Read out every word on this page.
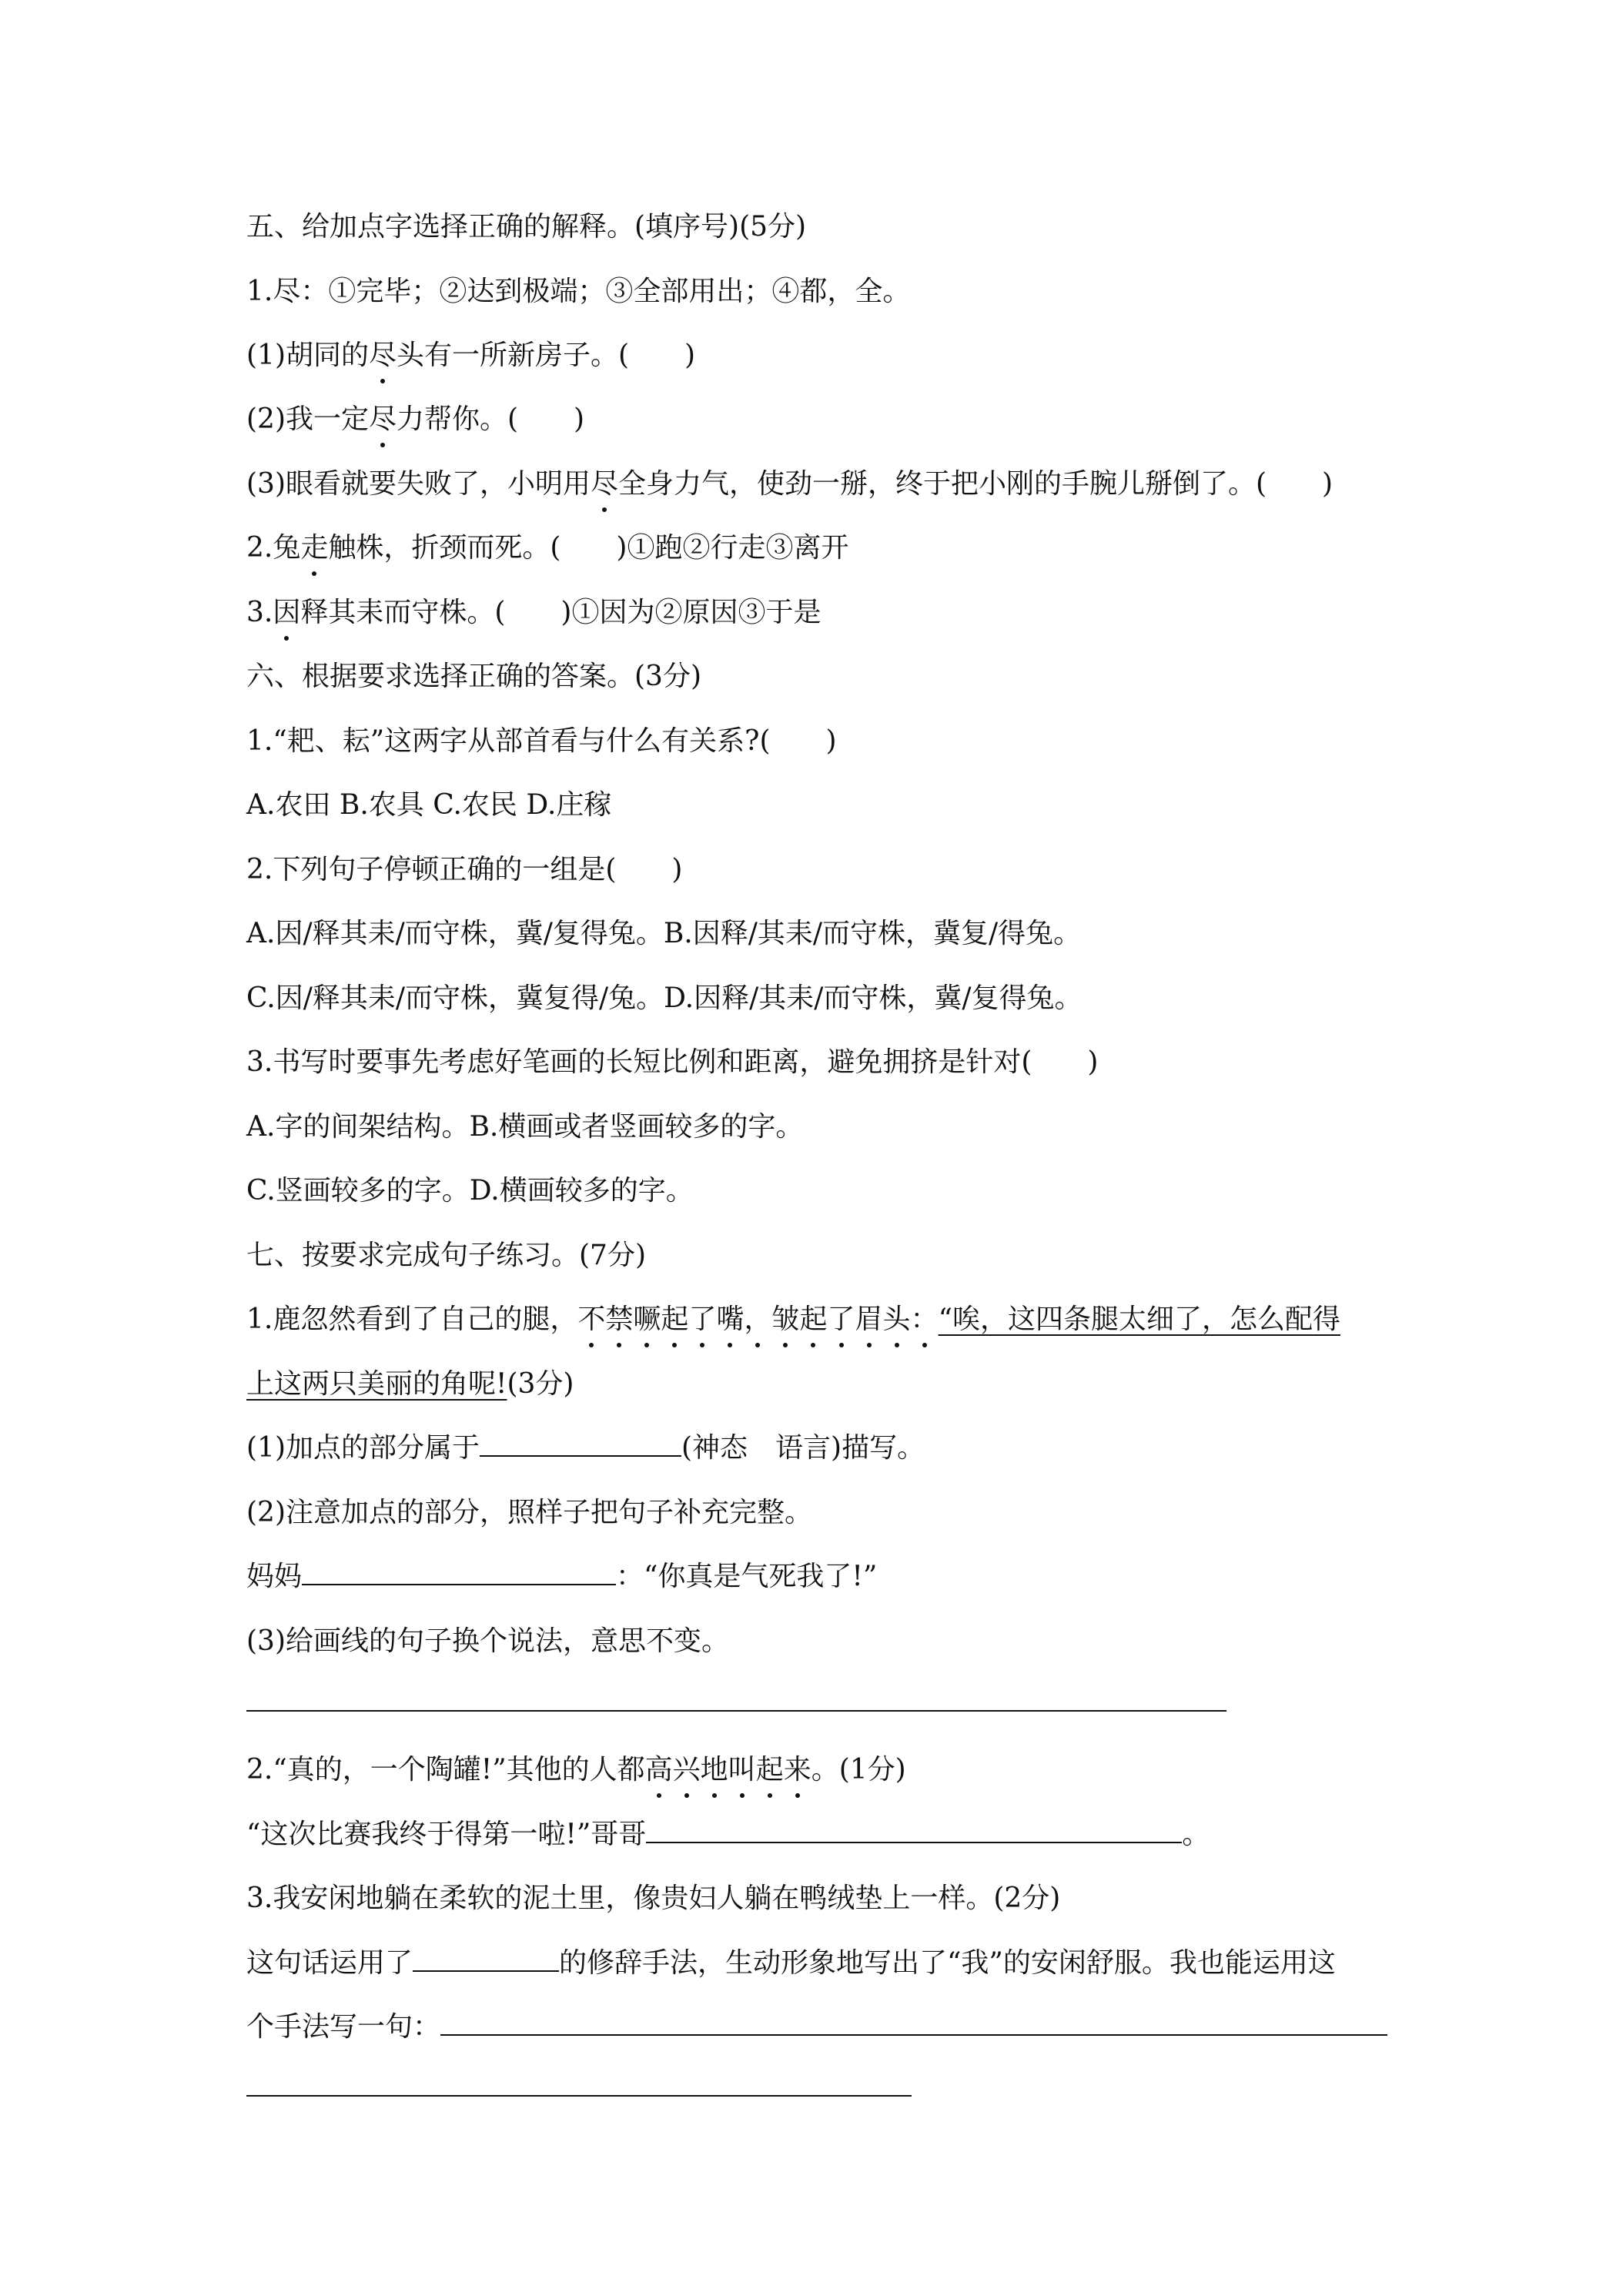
五、给加点字选择正确的解释。(填序号)(5分)
1.尽：①完毕；②达到极端；③全部用出；④都，全。
(1)胡同的尽头有一所新房子。(　　)
(2)我一定尽力帮你。(　　)
(3)眼看就要失败了，小明用尽全身力气，使劲一掰，终于把小刚的手腕儿掰倒了。(　　)
2.兔走触株，折颈而死。(　　)①跑②行走③离开
3.因释其耒而守株。(　　)①因为②原因③于是
六、根据要求选择正确的答案。(3分)
1.“耙、耘”这两字从部首看与什么有关系?(　　)
A.农田 B.农具 C.农民 D.庄稼
2.下列句子停顿正确的一组是(　　)
A.因/释其耒/而守株，冀/复得兔。B.因释/其耒/而守株，冀复/得兔。
C.因/释其耒/而守株，冀复得/兔。D.因释/其耒/而守株，冀/复得兔。
3.书写时要事先考虑好笔画的长短比例和距离，避免拥挤是针对(　　)
A.字的间架结构。B.横画或者竖画较多的字。
C.竖画较多的字。D.横画较多的字。
七、按要求完成句子练习。(7分)
1.鹿忽然看到了自己的腿，不禁噘起了嘴，皱起了眉头：“唉，这四条腿太细了，怎么配得
上这两只美丽的角呢!(3分)
(1)加点的部分属于	(神态　语言)描写。
(2)注意加点的部分，照样子把句子补充完整。
妈妈	：“你真是气死我了!”
(3)给画线的句子换个说法，意思不变。
2.“真的，一个陶罐!”其他的人都高兴地叫起来。(1分)
“这次比赛我终于得第一啦!”哥哥	。
3.我安闲地躺在柔软的泥土里，像贵妇人躺在鸭绒垫上一样。(2分)
这句话运用了	的修辞手法，生动形象地写出了“我”的安闲舒服。我也能运用这
个手法写一句：
